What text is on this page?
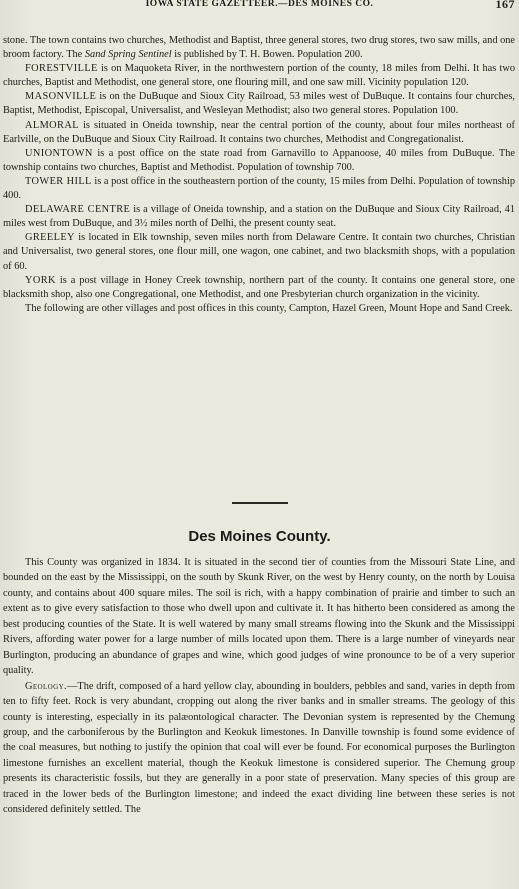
IOWA STATE GAZETTEER.—DES MOINES CO.	167

stone. The town contains two churches, Methodist and Baptist, three general stores, two drug stores, two saw mills, and one broom factory. The Sand Spring Sentinel is published by T. H. Bowen. Population 200.

FORESTVILLE is on Maquoketa River, in the northwestern portion of the county, 18 miles from Delhi. It has two churches, Baptist and Methodist, one general store, one flouring mill, and one saw mill. Vicinity population 120.

MASONVILLE is on the DuBuque and Sioux City Railroad, 53 miles west of DuBuque. It contains four churches, Baptist, Methodist, Episcopal, Universalist, and Wesleyan Methodist; also two general stores. Population 100.

ALMORAL is situated in Oneida township, near the central portion of the county, about four miles northeast of Earlville, on the DuBuque and Sioux City Railroad. It contains two churches, Methodist and Congregationalist.

UNIONTOWN is a post office on the state road from Garnavillo to Appanoose, 40 miles from DuBuque. The township contains two churches, Baptist and Methodist. Population of township 700.

TOWER HILL is a post office in the southeastern portion of the county, 15 miles from Delhi. Population of township 400.

DELAWARE CENTRE is a village of Oneida township, and a station on the DuBuque and Sioux City Railroad, 41 miles west from DuBuque, and 3½ miles north of Delhi, the present county seat.

GREELEY is located in Elk township, seven miles north from Delaware Centre. It contain two churches, Christian and Universalist, two general stores, one flour mill, one wagon, one cabinet, and two blacksmith shops, with a population of 60.

YORK is a post village in Honey Creek township, northern part of the county. It contains one general store, one blacksmith shop, also one Congregational, one Methodist, and one Presbyterian church organization in the vicinity.

The following are other villages and post offices in this county, Campton, Hazel Green, Mount Hope and Sand Creek.

Des Moines County.

This County was organized in 1834. It is situated in the second tier of counties from the Missouri State Line, and bounded on the east by the Mississippi, on the south by Skunk River, on the west by Henry county, on the north by Louisa county, and contains about 400 square miles. The soil is rich, with a happy combination of prairie and timber to such an extent as to give every satisfaction to those who dwell upon and cultivate it. It has hitherto been considered as among the best producing counties of the State. It is well watered by many small streams flowing into the Skunk and the Mississippi Rivers, affording water power for a large number of mills located upon them. There is a large number of vineyards near Burlington, producing an abundance of grapes and wine, which good judges of wine pronounce to be of a very superior quality.

Geology.—The drift, composed of a hard yellow clay, abounding in boulders, pebbles and sand, varies in depth from ten to fifty feet. Rock is very abundant, cropping out along the river banks and in smaller streams. The geology of this county is interesting, especially in its palæontological character. The Devonian system is represented by the Chemung group, and the carboniferous by the Burlington and Keokuk limestones. In Danville township is found some evidence of the coal measures, but nothing to justify the opinion that coal will ever be found. For economical purposes the Burlington limestone furnishes an excellent material, though the Keokuk limestone is considered superior. The Chemung group presents its characteristic fossils, but they are generally in a poor state of preservation. Many species of this group are traced in the lower beds of the Burlington limestone; and indeed the exact dividing line between these series is not considered definitely settled. The
